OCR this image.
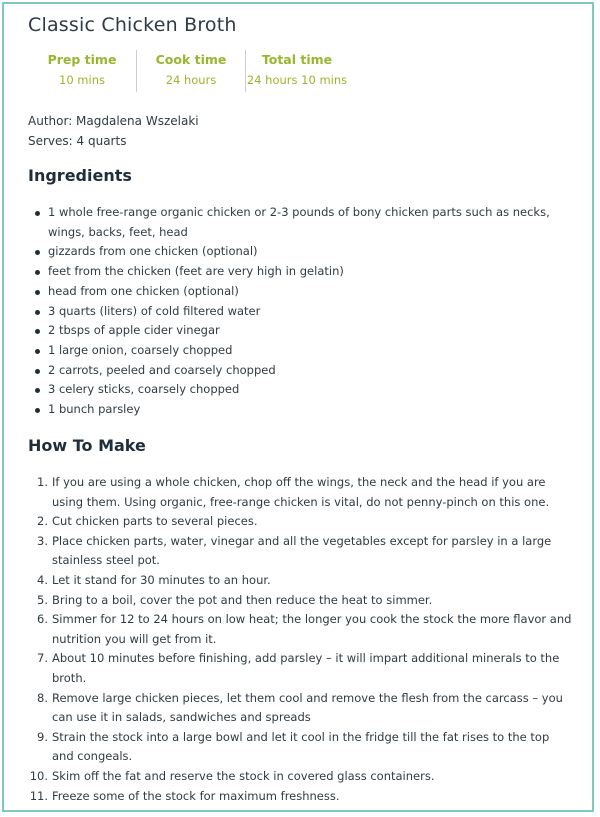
Classic Chicken Broth
Prep time
10 mins
Cook time
24 hours
Total time
24 hours 10 mins
Author: Magdalena Wszelaki
Serves: 4 quarts
Ingredients
1 whole free-range organic chicken or 2-3 pounds of bony chicken parts such as necks, wings, backs, feet, head
gizzards from one chicken (optional)
feet from the chicken (feet are very high in gelatin)
head from one chicken (optional)
3 quarts (liters) of cold filtered water
2 tbsps of apple cider vinegar
1 large onion, coarsely chopped
2 carrots, peeled and coarsely chopped
3 celery sticks, coarsely chopped
1 bunch parsley
How To Make
1. If you are using a whole chicken, chop off the wings, the neck and the head if you are using them. Using organic, free-range chicken is vital, do not penny-pinch on this one.
2. Cut chicken parts to several pieces.
3. Place chicken parts, water, vinegar and all the vegetables except for parsley in a large stainless steel pot.
4. Let it stand for 30 minutes to an hour.
5. Bring to a boil, cover the pot and then reduce the heat to simmer.
6. Simmer for 12 to 24 hours on low heat; the longer you cook the stock the more flavor and nutrition you will get from it.
7. About 10 minutes before finishing, add parsley – it will impart additional minerals to the broth.
8. Remove large chicken pieces, let them cool and remove the flesh from the carcass – you can use it in salads, sandwiches and spreads
9. Strain the stock into a large bowl and let it cool in the fridge till the fat rises to the top and congeals.
10. Skim off the fat and reserve the stock in covered glass containers.
11. Freeze some of the stock for maximum freshness.
